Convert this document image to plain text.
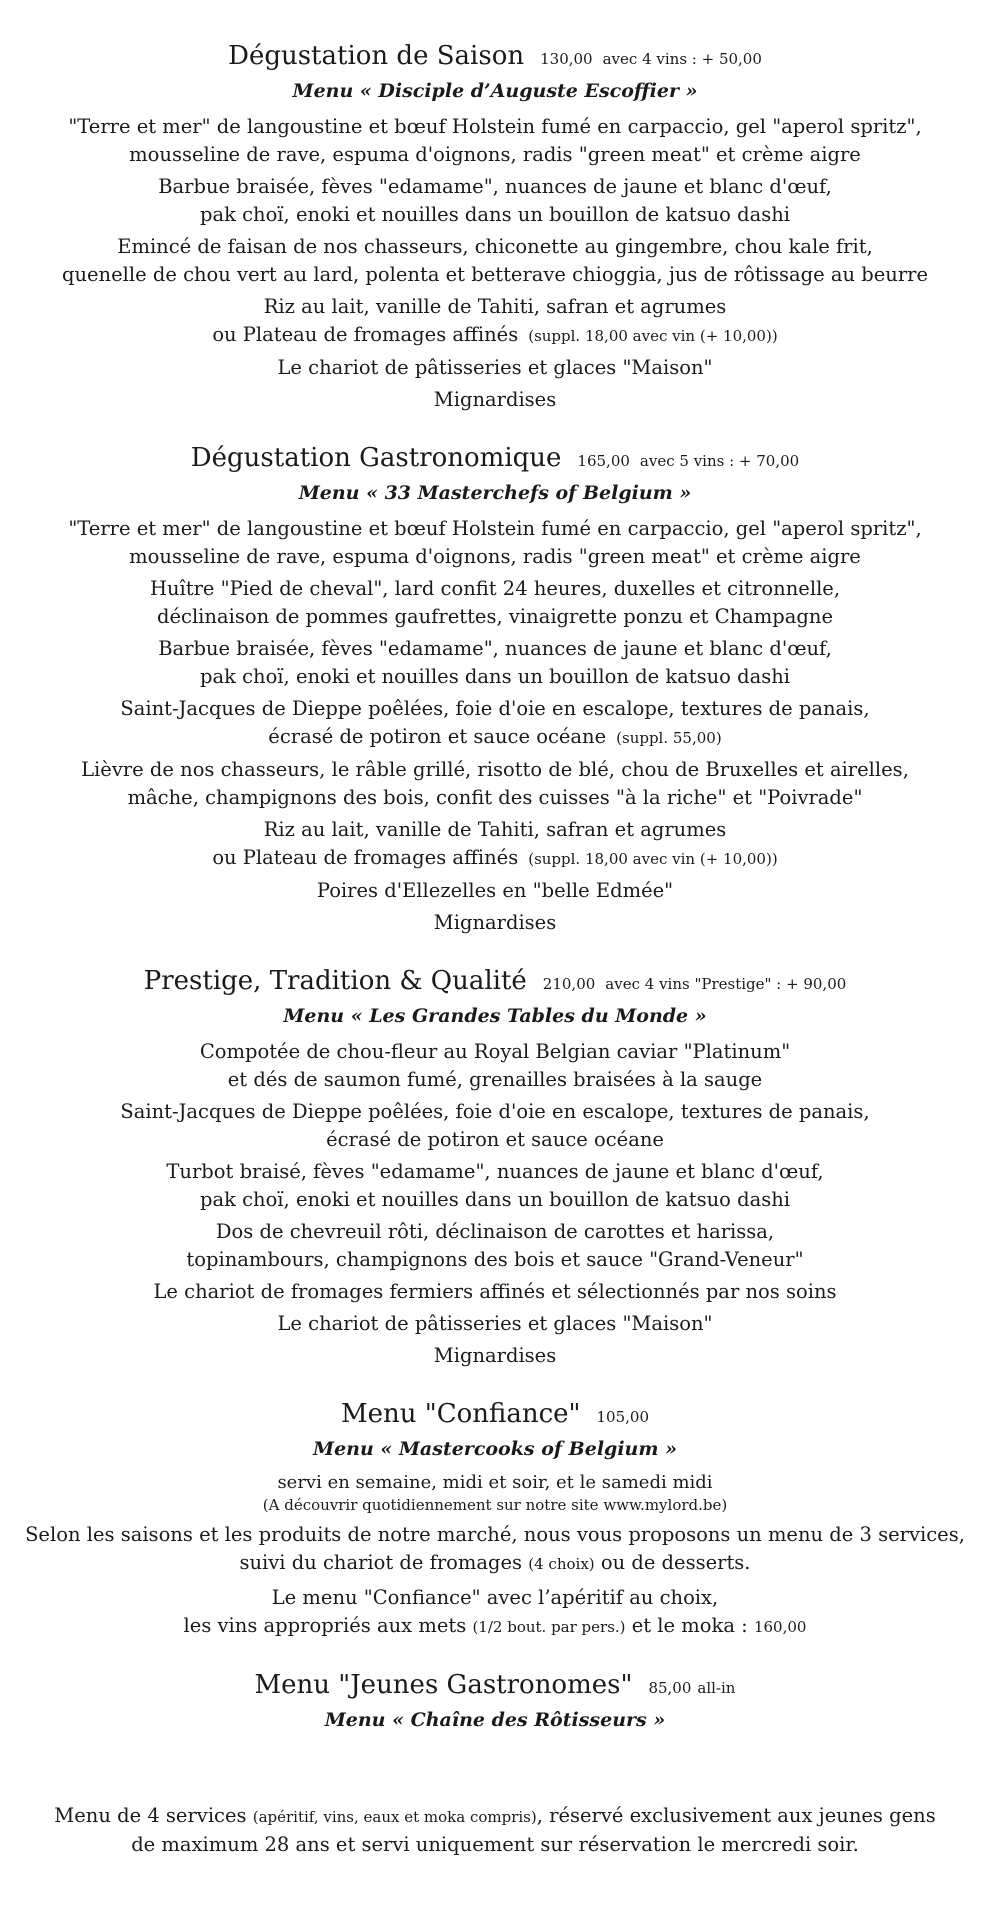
Dégustation de Saison 130,00 avec 4 vins : + 50,00
Menu « Disciple d’Auguste Escoffier »
"Terre et mer" de langoustine et bœuf Holstein fumé en carpaccio, gel "aperol spritz",
mousseline de rave, espuma d'oignons, radis "green meat" et crème aigre
Barbue braisée, fèves "edamame", nuances de jaune et blanc d'œuf,
pak choï, enoki et nouilles dans un bouillon de katsuo dashi
Emincé de faisan de nos chasseurs, chiconette au gingembre, chou kale frit,
quenelle de chou vert au lard, polenta et betterave chioggia, jus de rôtissage au beurre
Riz au lait, vanille de Tahiti, safran et agrumes
ou Plateau de fromages affinés (suppl. 18,00 avec vin (+ 10,00))
Le chariot de pâtisseries et glaces "Maison"
Mignardises
Dégustation Gastronomique 165,00 avec 5 vins : + 70,00
Menu « 33 Masterchefs of Belgium »
"Terre et mer" de langoustine et bœuf Holstein fumé en carpaccio, gel "aperol spritz",
mousseline de rave, espuma d'oignons, radis "green meat" et crème aigre
Huître "Pied de cheval", lard confit 24 heures, duxelles et citronnelle,
déclinaison de pommes gaufrettes, vinaigrette ponzu et Champagne
Barbue braisée, fèves "edamame", nuances de jaune et blanc d'œuf,
pak choï, enoki et nouilles dans un bouillon de katsuo dashi
Saint-Jacques de Dieppe poêlées, foie d'oie en escalope, textures de panais,
écrasé de potiron et sauce océane (suppl. 55,00)
Lièvre de nos chasseurs, le râble grillé, risotto de blé, chou de Bruxelles et airelles,
mâche, champignons des bois, confit des cuisses "à la riche" et "Poivrade"
Riz au lait, vanille de Tahiti, safran et agrumes
ou Plateau de fromages affinés (suppl. 18,00 avec vin (+ 10,00))
Poires d'Ellezelles en "belle Edmée"
Mignardises
Prestige, Tradition & Qualité 210,00 avec 4 vins "Prestige" : + 90,00
Menu « Les Grandes Tables du Monde »
Compotée de chou-fleur au Royal Belgian caviar "Platinum"
et dés de saumon fumé, grenailles braisées à la sauge
Saint-Jacques de Dieppe poêlées, foie d'oie en escalope, textures de panais,
écrasé de potiron et sauce océane
Turbot braisé, fèves "edamame", nuances de jaune et blanc d'œuf,
pak choï, enoki et nouilles dans un bouillon de katsuo dashi
Dos de chevreuil rôti, déclinaison de carottes et harissa,
topinambours, champignons des bois et sauce "Grand-Veneur"
Le chariot de fromages fermiers affinés et sélectionnés par nos soins
Le chariot de pâtisseries et glaces "Maison"
Mignardises
Menu "Confiance" 105,00
Menu « Mastercooks of Belgium »
servi en semaine, midi et soir, et le samedi midi
(A découvrir quotidiennement sur notre site www.mylord.be)
Selon les saisons et les produits de notre marché, nous vous proposons un menu de 3 services,
suivi du chariot de fromages (4 choix) ou de desserts.
Le menu "Confiance" avec l’apéritif au choix,
les vins appropriés aux mets (1/2 bout. par pers.) et le moka : 160,00
Menu "Jeunes Gastronomes" 85,00 all-in
Menu « Chaîne des Rôtisseurs »
Menu de 4 services (apéritif, vins, eaux et moka compris), réservé exclusivement aux jeunes gens
de maximum 28 ans et servi uniquement sur réservation le mercredi soir.
